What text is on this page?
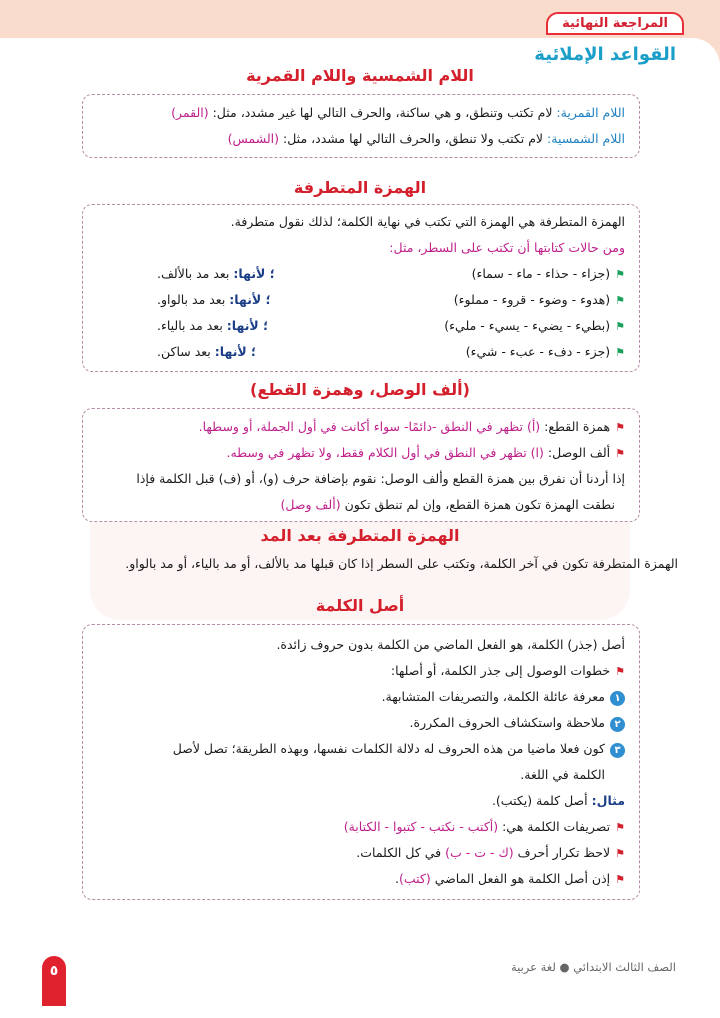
المراجعة النهائية
القواعد الإملائية
اللام الشمسية واللام القمرية
اللام القمرية: لام تكتب وتنطق، و هي ساكنة، والحرف التالي لها غير مشدد، مثل: (القمر)
اللام الشمسية: لام تكتب ولا تنطق، والحرف التالي لها مشدد، مثل: (الشمس)
الهمزة المتطرفة
الهمزة المتطرفة هي الهمزة التي تكتب في نهاية الكلمة؛ لذلك نقول متطرفة.
ومن حالات كتابتها أن تكتب على السطر، مثل:
⚑(جزاء - حذاء - ماء - سماء)
؛ لأنها: بعد مد بالألف.
⚑(هدوء - وضوء - قروء - مملوء)
؛ لأنها: بعد مد بالواو.
⚑(بطيء - يضيء - يسيء - مليء)
؛ لأنها: بعد مد بالياء.
⚑(جزء - دفء - عبء - شيء)
؛ لأنها: بعد ساكن.
(ألف الوصل، وهمزة القطع)
⚑همزة القطع: (أ) تظهر في النطق -دائمًا- سواء أكانت في أول الجملة، أو وسطها.
⚑ألف الوصل: (ا) تظهر في النطق في أول الكلام فقط، ولا تظهر في وسطه.
إذا أردنا أن نفرق بين همزة القطع وألف الوصل: نقوم بإضافة حرف (و)، أو (ف) قبل الكلمة فإذا
نطقت الهمزة تكون همزة القطع، وإن لم تنطق تكون (ألف وصل)
الهمزة المتطرفة بعد المد
الهمزة المتطرفة تكون في آخر الكلمة، وتكتب على السطر إذا كان قبلها مد بالألف، أو مد بالياء، أو مد بالواو.
أصل الكلمة
أصل (جذر) الكلمة، هو الفعل الماضي من الكلمة بدون حروف زائدة.
⚑خطوات الوصول إلى جذر الكلمة، أو أصلها:
١معرفة عائلة الكلمة، والتصريفات المتشابهة.
٢ملاحظة واستكشاف الحروف المكررة.
٣كون فعلا ماضيا من هذه الحروف له دلالة الكلمات نفسها، وبهذه الطريقة؛ تصل لأصل
الكلمة في اللغة.
مثال: أصل كلمة (يكتب).
⚑تصريفات الكلمة هي: (أكتب - نكتب - كتبوا - الكتابة)
⚑لاحظ تكرار أحرف (ك - ت - ب) في كل الكلمات.
⚑إذن أصل الكلمة هو الفعل الماضي (كتب).
الصف الثالث الابتدائي ● لغة عربية
٥
